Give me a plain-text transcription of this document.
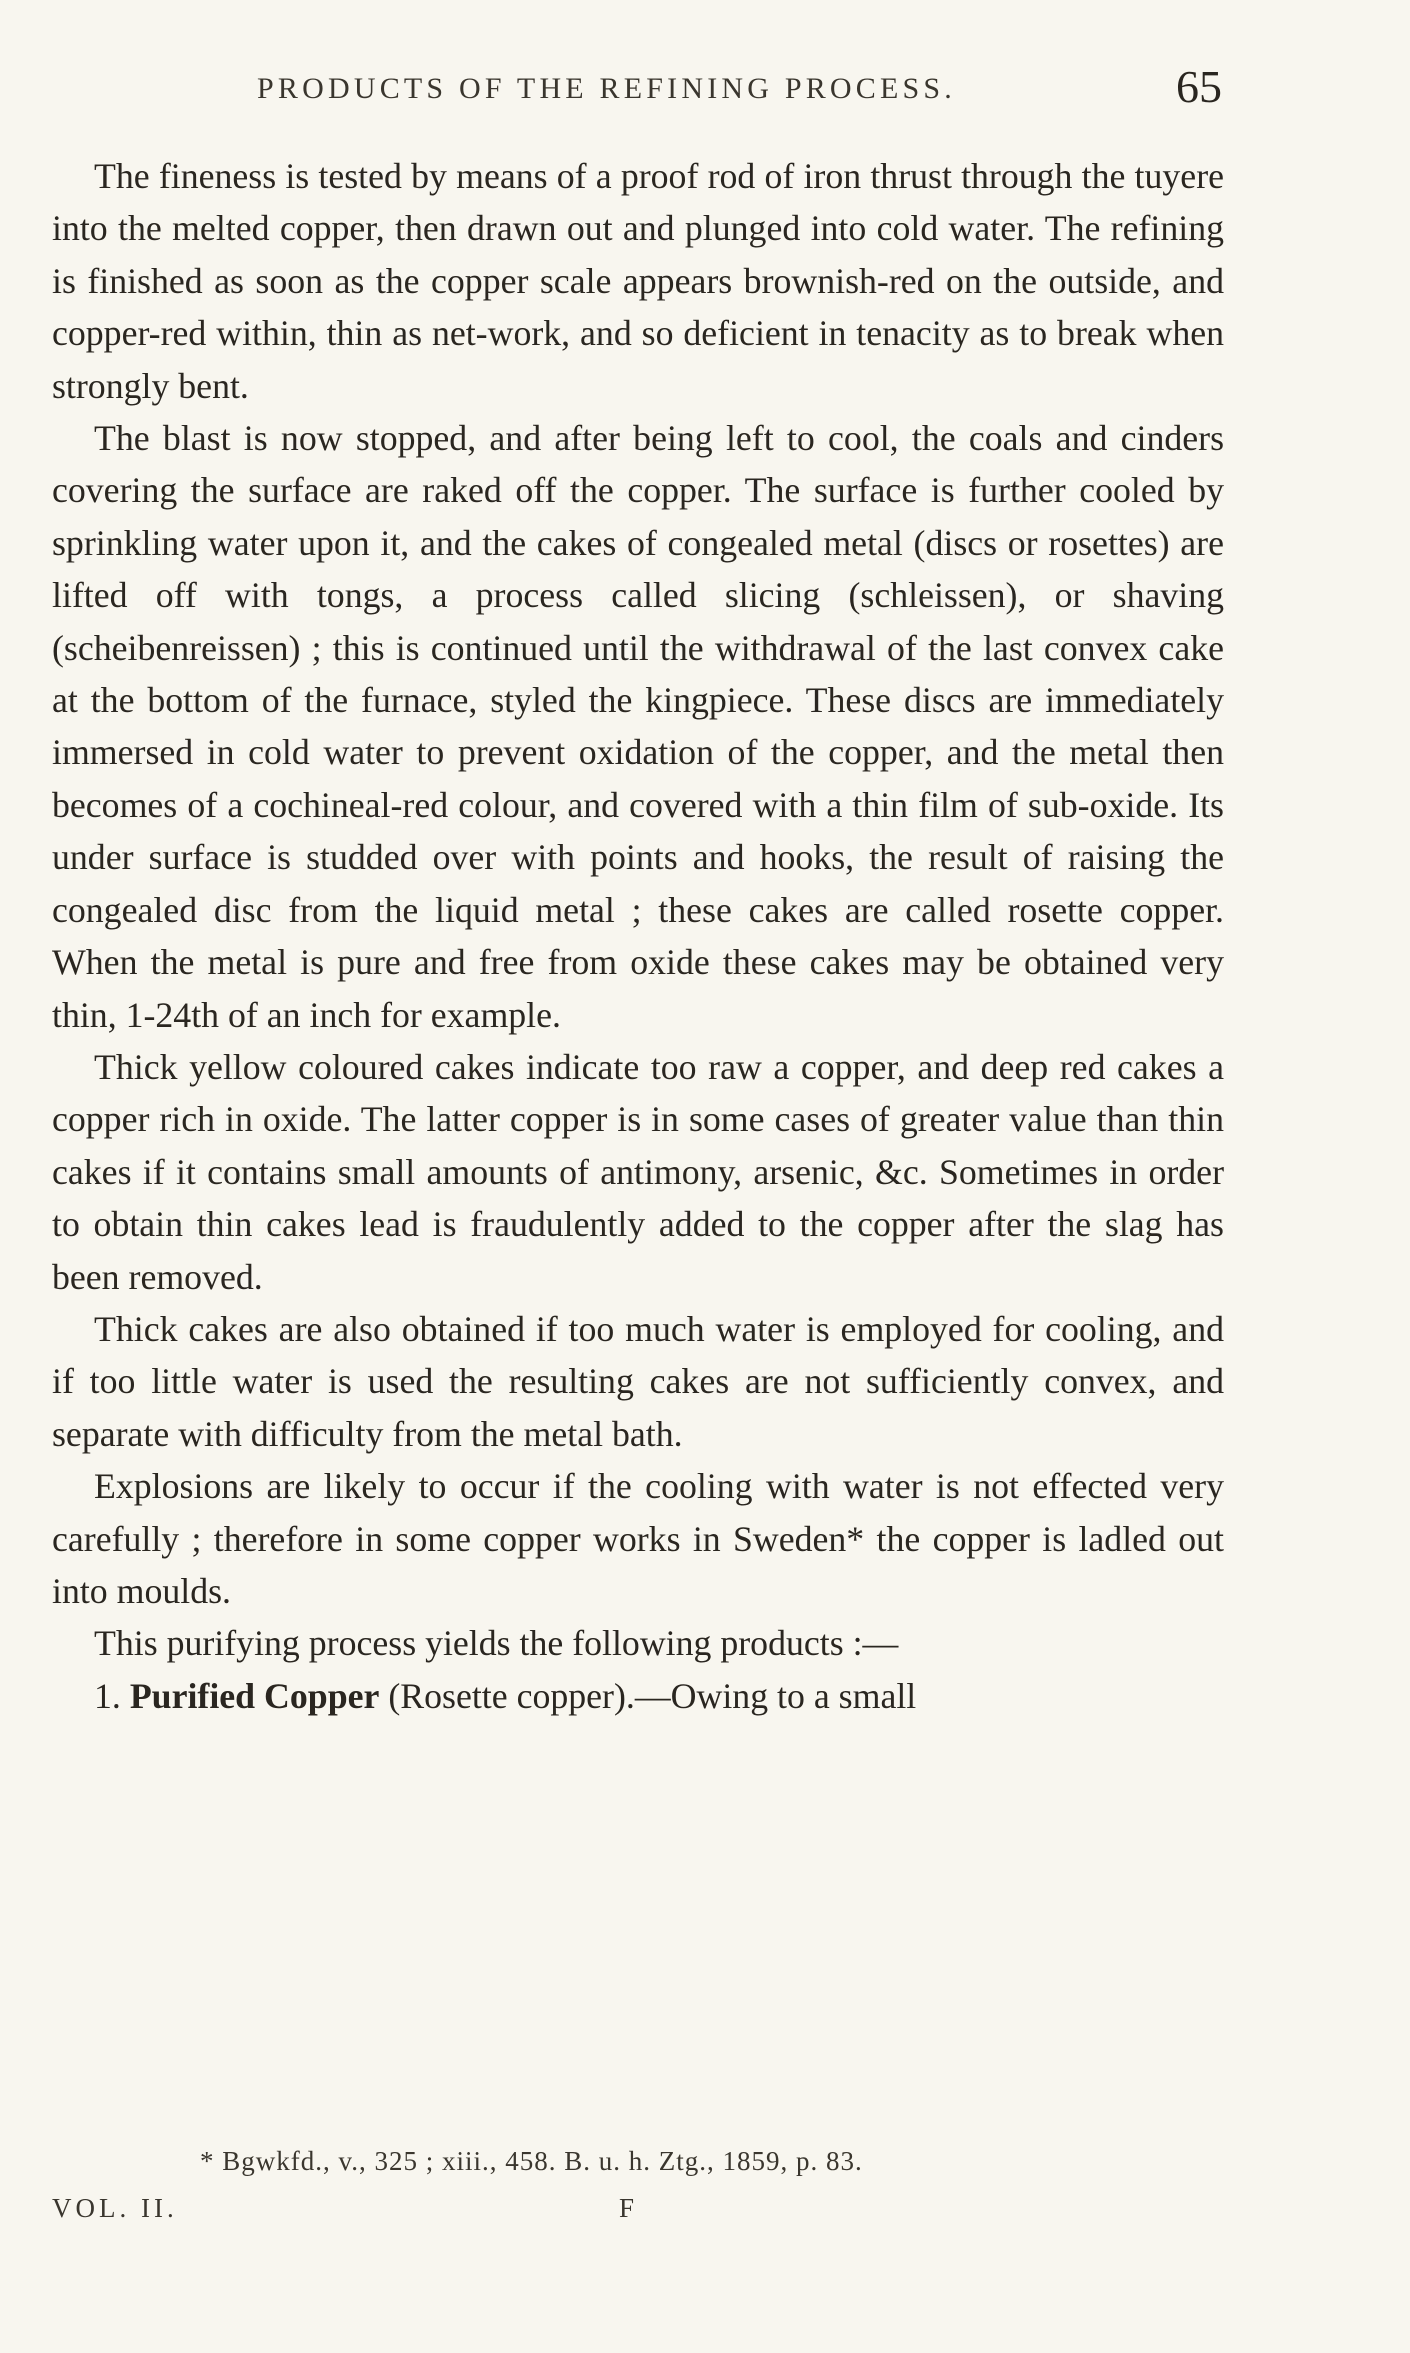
PRODUCTS OF THE REFINING PROCESS.	65

The fineness is tested by means of a proof rod of iron thrust through the tuyere into the melted copper, then drawn out and plunged into cold water. The refining is finished as soon as the copper scale appears brownish-red on the outside, and copper-red within, thin as net-work, and so deficient in tenacity as to break when strongly bent.

The blast is now stopped, and after being left to cool, the coals and cinders covering the surface are raked off the copper. The surface is further cooled by sprinkling water upon it, and the cakes of congealed metal (discs or rosettes) are lifted off with tongs, a process called slicing (schleissen), or shaving (scheibenreissen) ; this is continued until the withdrawal of the last convex cake at the bottom of the furnace, styled the kingpiece. These discs are immediately immersed in cold water to prevent oxidation of the copper, and the metal then becomes of a cochineal-red colour, and covered with a thin film of sub-oxide. Its under surface is studded over with points and hooks, the result of raising the congealed disc from the liquid metal ; these cakes are called rosette copper. When the metal is pure and free from oxide these cakes may be obtained very thin, 1-24th of an inch for example.

Thick yellow coloured cakes indicate too raw a copper, and deep red cakes a copper rich in oxide. The latter copper is in some cases of greater value than thin cakes if it contains small amounts of antimony, arsenic, &c. Sometimes in order to obtain thin cakes lead is fraudulently added to the copper after the slag has been removed.

Thick cakes are also obtained if too much water is employed for cooling, and if too little water is used the resulting cakes are not sufficiently convex, and separate with difficulty from the metal bath.

Explosions are likely to occur if the cooling with water is not effected very carefully ; therefore in some copper works in Sweden* the copper is ladled out into moulds.

This purifying process yields the following products :—

1. Purified Copper (Rosette copper).—Owing to a small

* Bgwkfd., v., 325 ; xiii., 458. B. u. h. Ztg., 1859, p. 83.
VOL. II.	F
